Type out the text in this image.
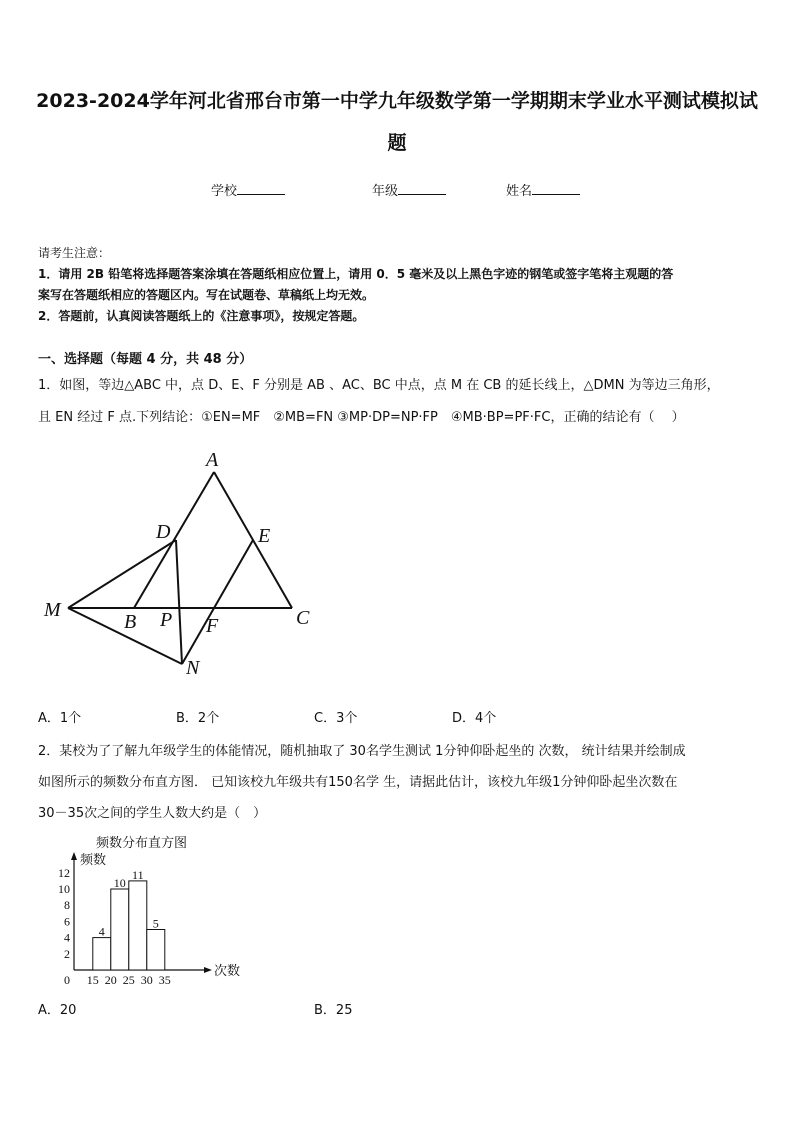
2023-2024学年河北省邢台市第一中学九年级数学第一学期期末学业水平测试模拟试
题
学校	年级	姓名
请考生注意：
1．请用 2B 铅笔将选择题答案涂填在答题纸相应位置上，请用 0．5 毫米及以上黑色字迹的钢笔或签字笔将主观题的答
案写在答题纸相应的答题区内。写在试题卷、草稿纸上均无效。
2．答题前，认真阅读答题纸上的《注意事项》，按规定答题。
一、选择题（每题 4 分，共 48 分）
1．如图，等边△ABC 中，点 D、E、F 分别是 AB 、AC、BC 中点，点 M 在 CB 的延长线上，△DMN 为等边三角形，
且 EN 经过 F 点.下列结论：①EN=MF　②MB=FN ③MP·DP=NP·FP　④MB·BP=PF·FC，正确的结论有（　 ）
A
D	E
M
B P F	C
N
A．1个	B．2个	C．3个	D．4个
2．某校为了了解九年级学生的体能情况，随机抽取了 30名学生测试 1分钟仰卧起坐的 次数， 统计结果并绘制成
如图所示的频数分布直方图． 已知该校九年级共有150名学 生，请据此估计，该校九年级1分钟仰卧起坐次数在
30－35次之间的学生人数大约是（　）
频数分布直方图
频数
次数
0
2
4
6
8
10
12
4
10
11
5
15 20 25 30 35
A．20	B．25
